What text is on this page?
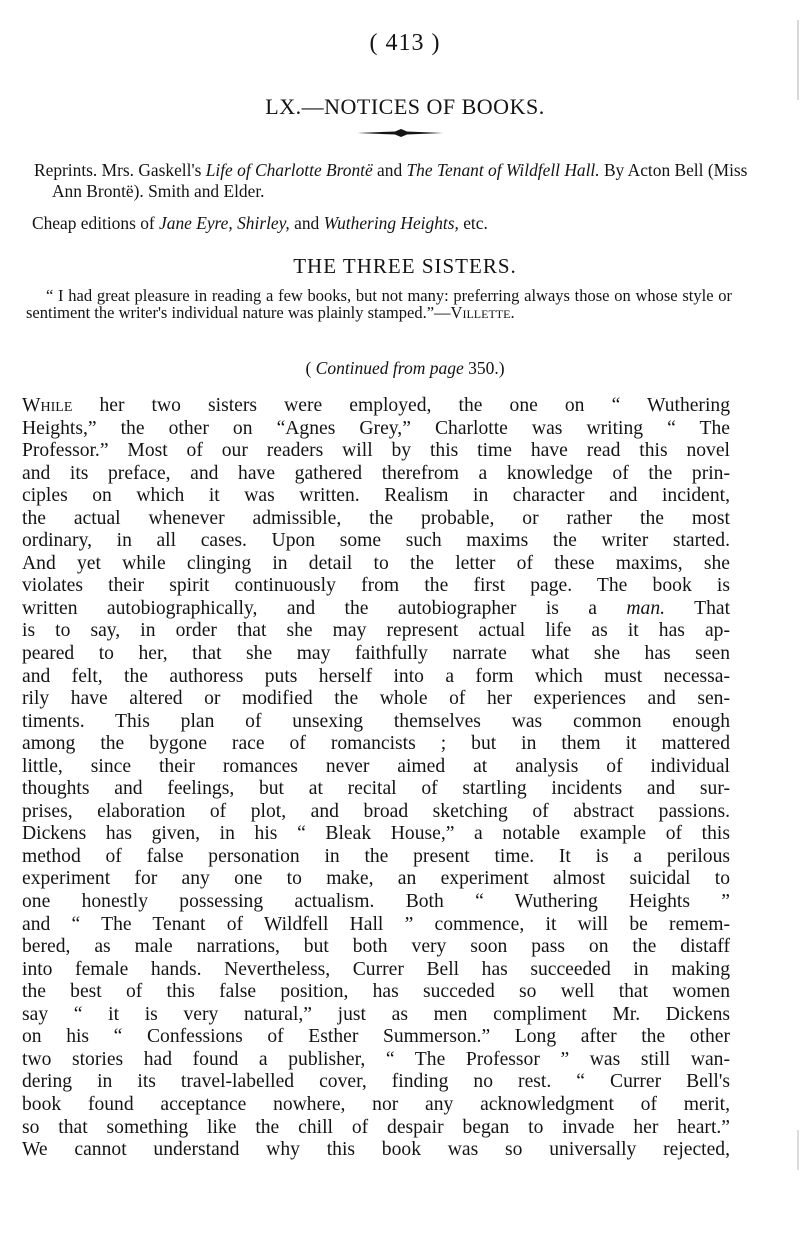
( 413 )
LX.—NOTICES OF BOOKS.
Reprints. Mrs. Gaskell's Life of Charlotte Brontë and The Tenant of Wildfell Hall. By Acton Bell (Miss Ann Brontë). Smith and Elder.
Cheap editions of Jane Eyre, Shirley, and Wuthering Heights, etc.
THE THREE SISTERS.
“ I had great pleasure in reading a few books, but not many: preferring always those on whose style or sentiment the writer's individual nature was plainly stamped.”—Villette.
( Continued from page 350.)
While her two sisters were employed, the one on “ Wuthering
Heights,” the other on “Agnes Grey,” Charlotte was writing “ The
Professor.” Most of our readers will by this time have read this novel
and its preface, and have gathered therefrom a knowledge of the prin-
ciples on which it was written. Realism in character and incident,
the actual whenever admissible, the probable, or rather the most
ordinary, in all cases. Upon some such maxims the writer started.
And yet while clinging in detail to the letter of these maxims, she
violates their spirit continuously from the first page. The book is
written autobiographically, and the autobiographer is a man. That
is to say, in order that she may represent actual life as it has ap-
peared to her, that she may faithfully narrate what she has seen
and felt, the authoress puts herself into a form which must necessa-
rily have altered or modified the whole of her experiences and sen-
timents. This plan of unsexing themselves was common enough
among the bygone race of romancists ; but in them it mattered
little, since their romances never aimed at analysis of individual
thoughts and feelings, but at recital of startling incidents and sur-
prises, elaboration of plot, and broad sketching of abstract passions.
Dickens has given, in his “ Bleak House,” a notable example of this
method of false personation in the present time. It is a perilous
experiment for any one to make, an experiment almost suicidal to
one honestly possessing actualism. Both “ Wuthering Heights ”
and “ The Tenant of Wildfell Hall ” commence, it will be remem-
bered, as male narrations, but both very soon pass on the distaff
into female hands. Nevertheless, Currer Bell has succeeded in making
the best of this false position, has succeded so well that women
say “ it is very natural,” just as men compliment Mr. Dickens
on his “ Confessions of Esther Summerson.” Long after the other
two stories had found a publisher, “ The Professor ” was still wan-
dering in its travel-labelled cover, finding no rest. “ Currer Bell's
book found acceptance nowhere, nor any acknowledgment of merit,
so that something like the chill of despair began to invade her heart.”
We cannot understand why this book was so universally rejected,
